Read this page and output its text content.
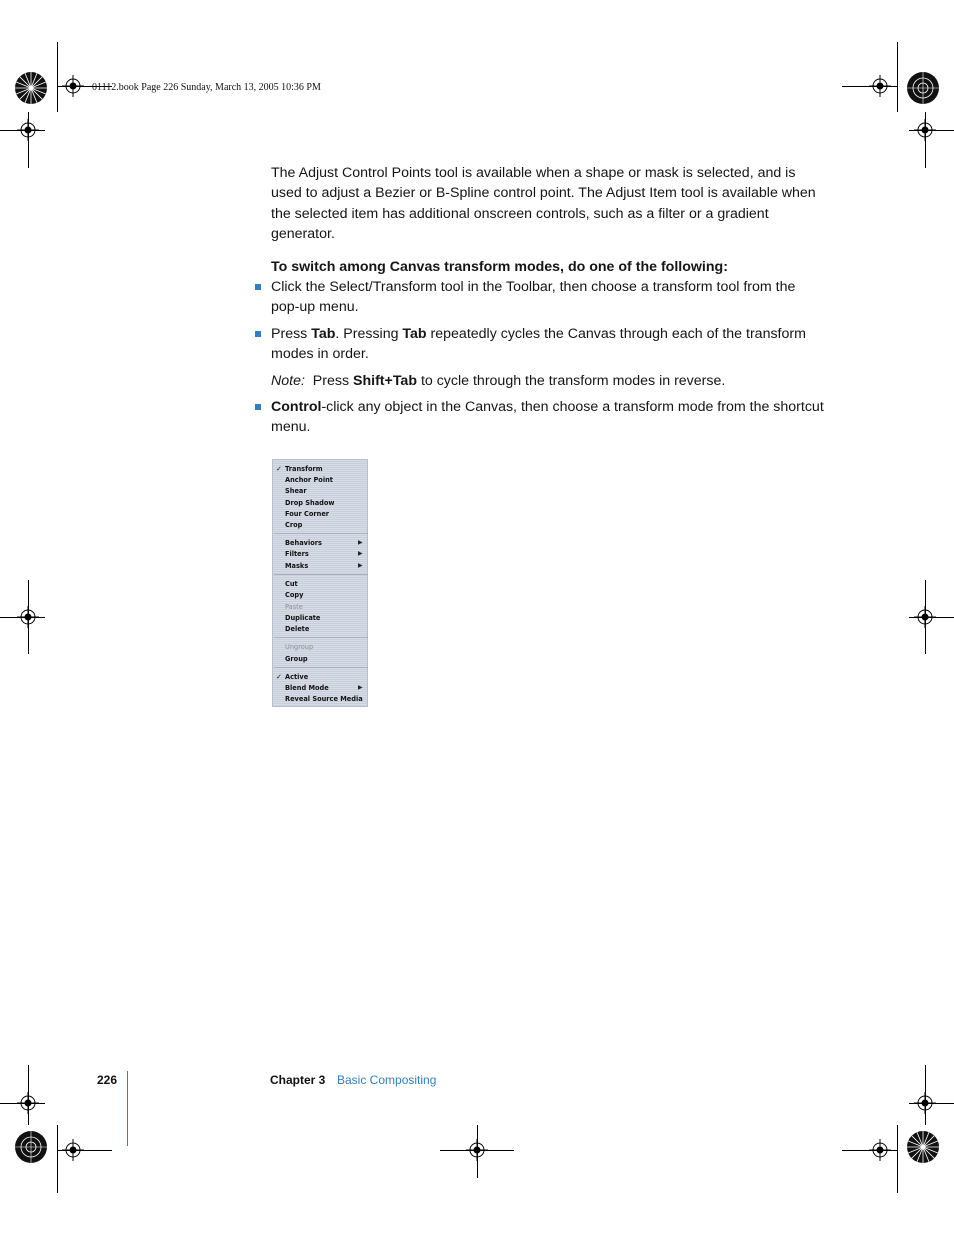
01112.book Page 226 Sunday, March 13, 2005 10:36 PM

The Adjust Control Points tool is available when a shape or mask is selected, and is used to adjust a Bezier or B-Spline control point. The Adjust Item tool is available when the selected item has additional onscreen controls, such as a filter or a gradient generator.

To switch among Canvas transform modes, do one of the following:

Click the Select/Transform tool in the Toolbar, then choose a transform tool from the pop-up menu.

Press Tab. Pressing Tab repeatedly cycles the Canvas through each of the transform modes in order.

Note:  Press Shift+Tab to cycle through the transform modes in reverse.

Control-click any object in the Canvas, then choose a transform mode from the shortcut menu.

✓ Transform
Anchor Point
Shear
Drop Shadow
Four Corner
Crop
Behaviors	▶
Filters	▶
Masks	▶
Cut
Copy
Paste
Duplicate
Delete
Ungroup
Group
✓ Active
Blend Mode	▶
Reveal Source Media
226	Chapter 3 Basic Compositing
